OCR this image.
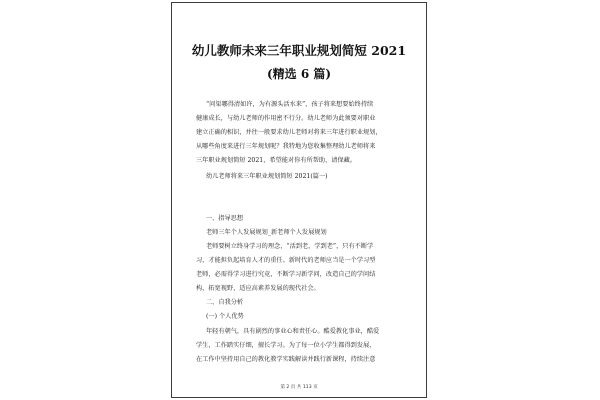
幼儿教师未来三年职业规划简短 2021
(精选 6 篇)
“问渠哪得清如许，为有源头活水来”，孩子将来想要始终持续
健康成长，与幼儿老师的作用密不行分。幼儿老师为此须要对职业
建立正确的相识，并往一般要求幼儿老师对将来三年进行职业规划，
从哪些角度来进行三年规划呢？我特地为您收集整理幼儿老师将来
三年职业规划简短 2021，希望能对你有所帮助，请保藏。
幼儿老师将来三年职业规划简短 2021(篇一)
一、指导思想
老师三年个人发展规划_新老师个人发展规划
老师要树立终身学习的理念，“活到老，学到老”，只有不断学
习，才能担负起培育人才的重任。新时代的老师应当是一个学习型
老师，必需得学习进行究竟，不断学习新学问，改造自己的学问结
构，拓宽视野，适应高素养发展的现代社会。
二、自我分析
(一) 个人优势
年轻有朝气，具有剧烈的事业心和责任心。酷爱教化事业，酷爱
学生，工作踏实仔细，擅长学习。为了每一位小学生都得到发展，
在工作中坚持用自己的教化教学实践解读并践行新课程，持续注意
第 2 页 共 113 页
